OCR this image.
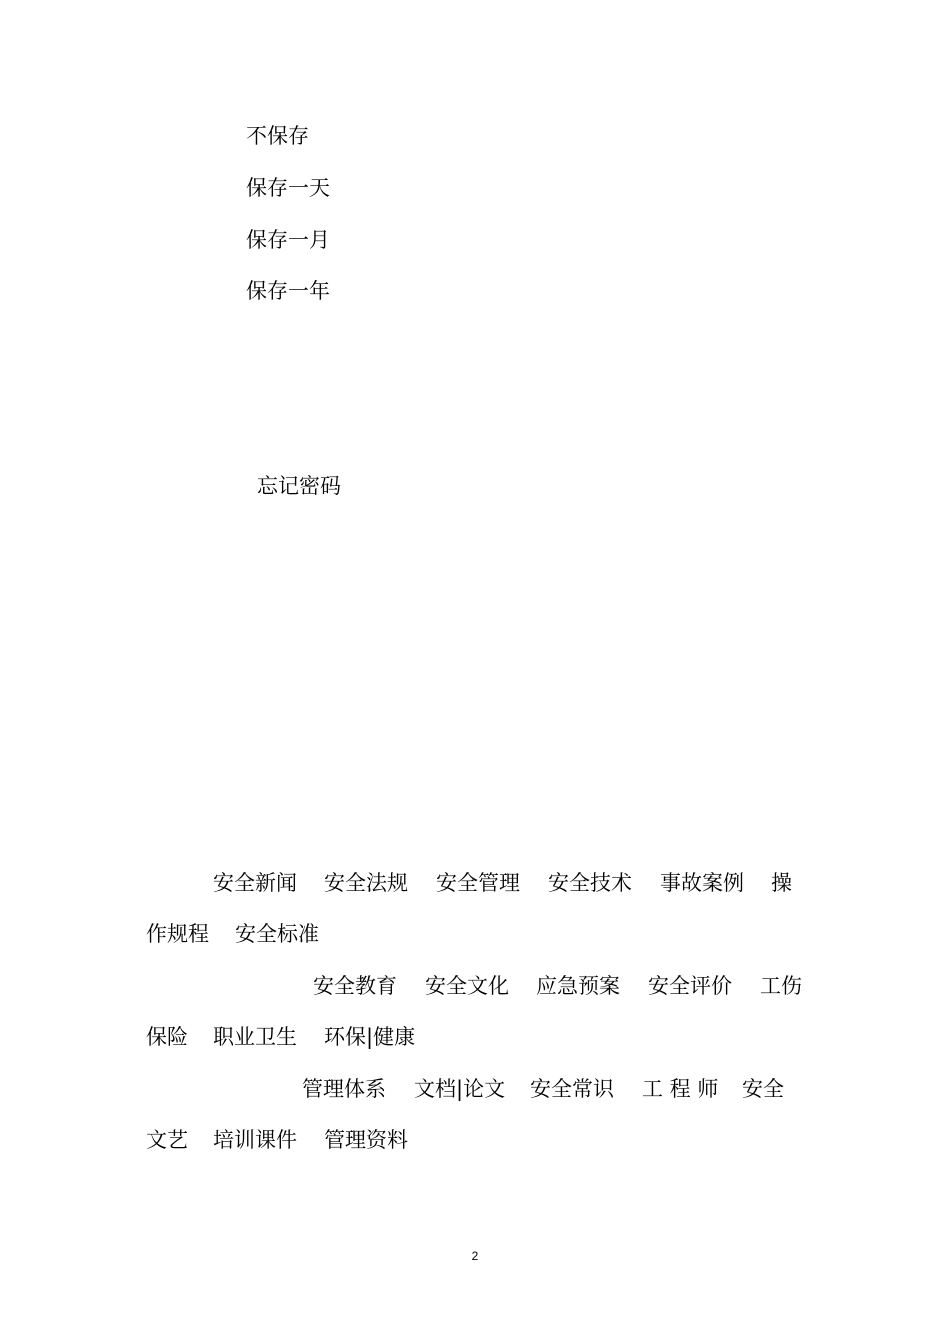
不保存
保存一天
保存一月
保存一年
忘记密码
安全新闻 安全法规 安全管理 安全技术 事故案例 操
作规程 安全标准
安全教育 安全文化 应急预案 安全评价 工伤
保险 职业卫生 环保|健康
管理体系 文档|论文 安全常识 工 程 师 安全
文艺 培训课件 管理资料
2
